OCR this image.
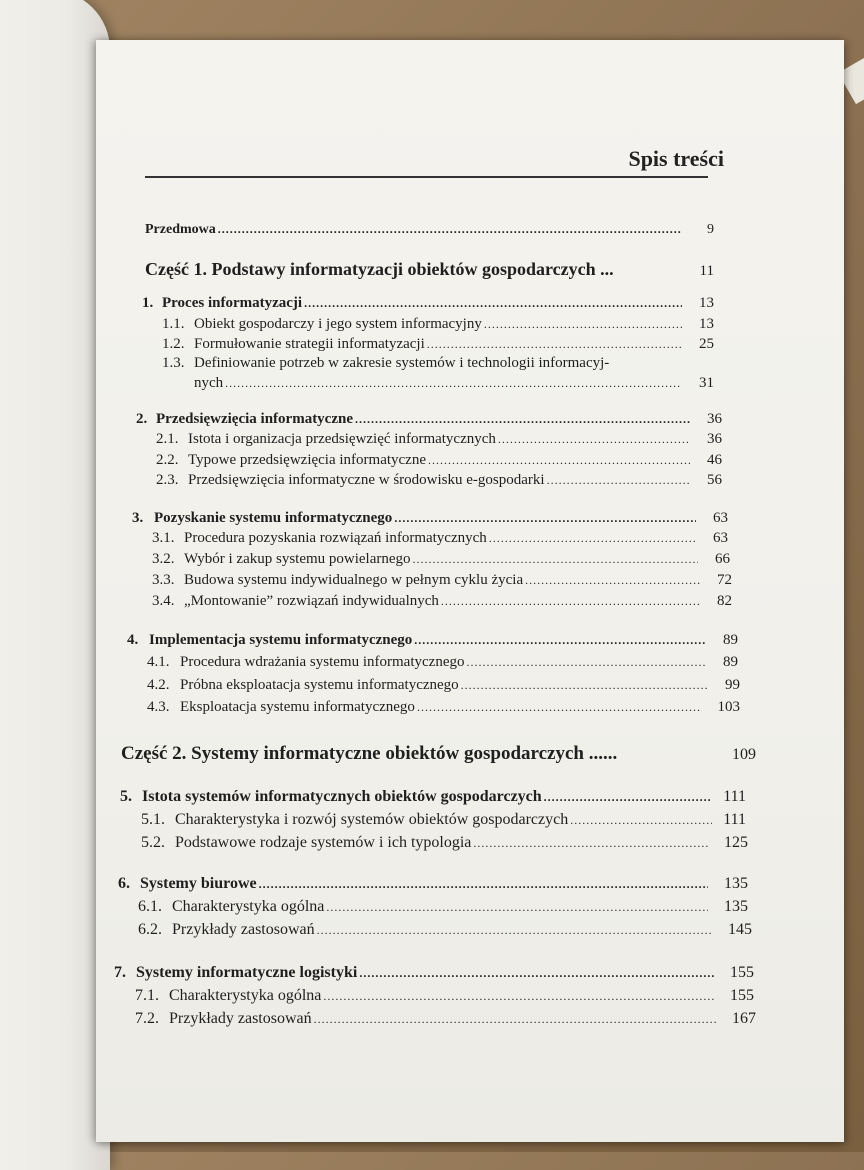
Spis treści
Przedmowa .....	9
Część 1. Podstawy informatyzacji obiektów gospodarczych ...	11
1. Proces informatyzacji .....	13
1.1. Obiekt gospodarczy i jego system informacyjny .....	13
1.2. Formułowanie strategii informatyzacji .....	25
1.3. Definiowanie potrzeb w zakresie systemów i technologii informacyj-
nych .....	31
2. Przedsięwzięcia informatyczne .....	36
2.1. Istota i organizacja przedsięwzięć informatycznych .....	36
2.2. Typowe przedsięwzięcia informatyczne .....	46
2.3. Przedsięwzięcia informatyczne w środowisku e-gospodarki .....	56
3. Pozyskanie systemu informatycznego .....	63
3.1. Procedura pozyskania rozwiązań informatycznych .....	63
3.2. Wybór i zakup systemu powielarnego .....	66
3.3. Budowa systemu indywidualnego w pełnym cyklu życia .....	72
3.4. „Montowanie” rozwiązań indywidualnych .....	82
4. Implementacja systemu informatycznego .....	89
4.1. Procedura wdrażania systemu informatycznego .....	89
4.2. Próbna eksploatacja systemu informatycznego .....	99
4.3. Eksploatacja systemu informatycznego .....	103
Część 2. Systemy informatyczne obiektów gospodarczych ......	109
5. Istota systemów informatycznych obiektów gospodarczych .....	111
5.1. Charakterystyka i rozwój systemów obiektów gospodarczych .....	111
5.2. Podstawowe rodzaje systemów i ich typologia .....	125
6. Systemy biurowe .....	135
6.1. Charakterystyka ogólna .....	135
6.2. Przykłady zastosowań .....	145
7. Systemy informatyczne logistyki .....	155
7.1. Charakterystyka ogólna .....	155
7.2. Przykłady zastosowań .....	167
